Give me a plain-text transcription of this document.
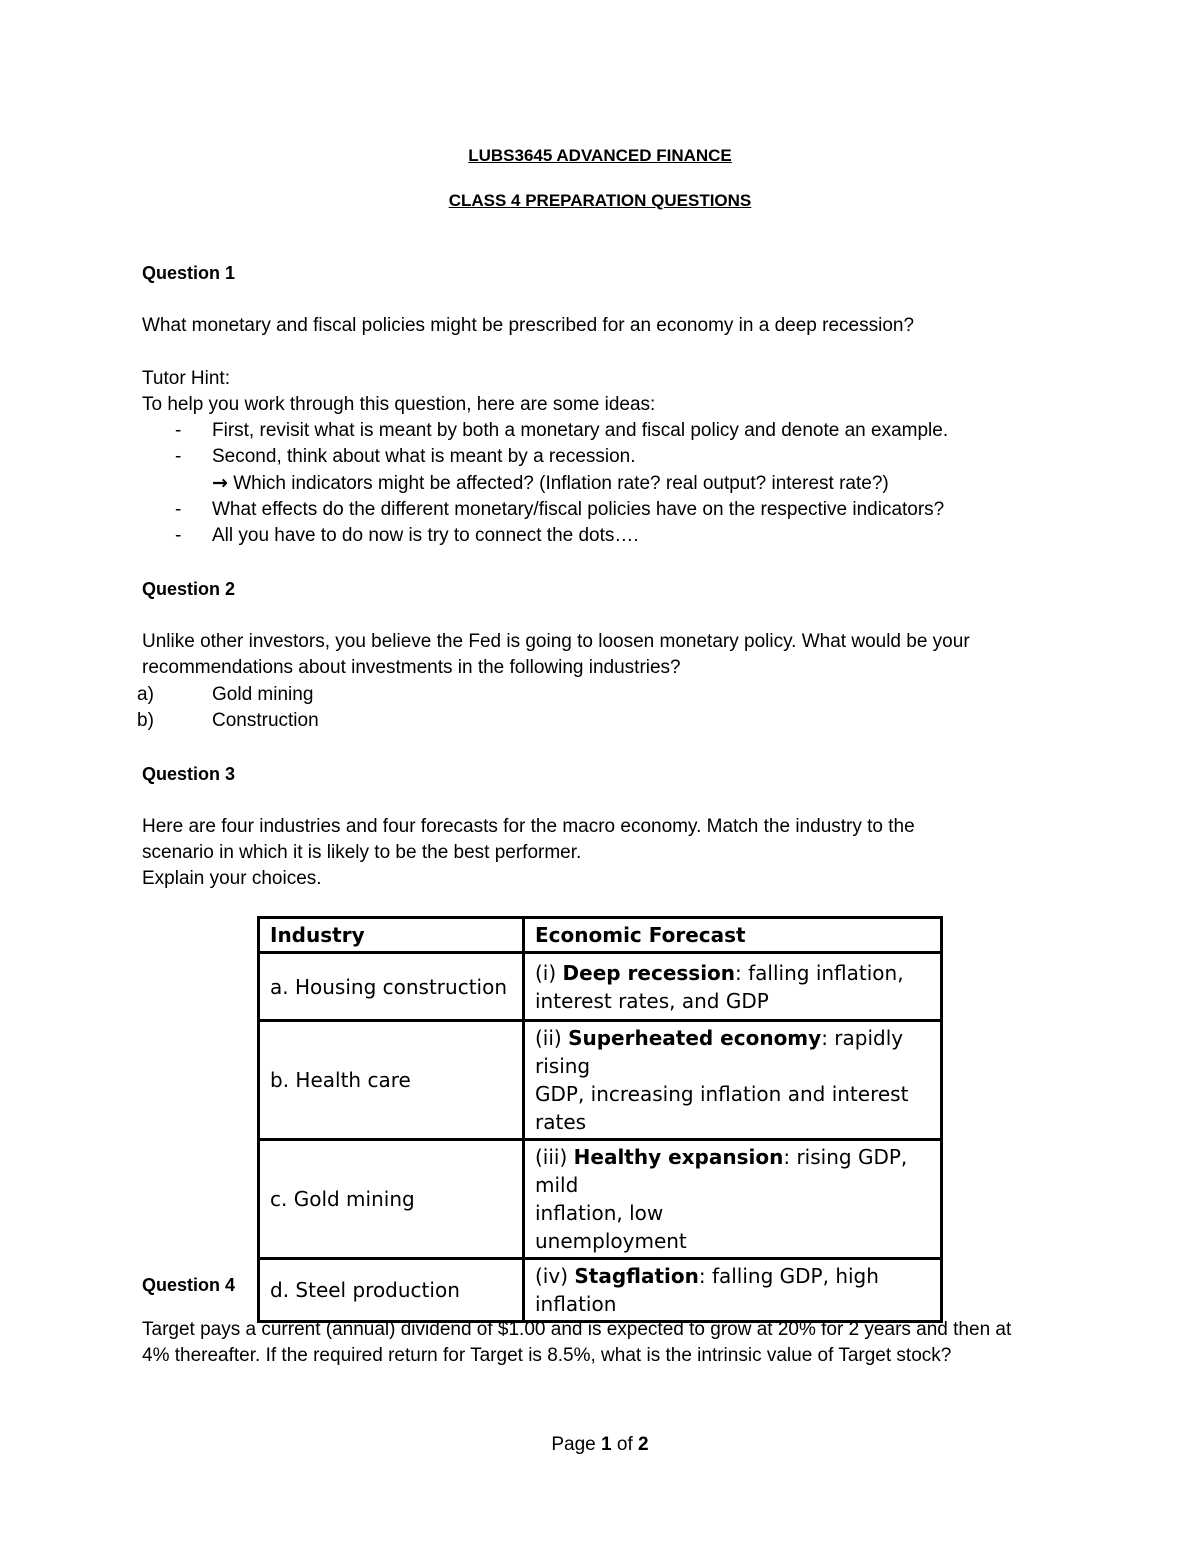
LUBS3645 ADVANCED FINANCE
CLASS 4 PREPARATION QUESTIONS
Question 1
What monetary and fiscal policies might be prescribed for an economy in a deep recession?
Tutor Hint:
To help you work through this question, here are some ideas:
- First, revisit what is meant by both a monetary and fiscal policy and denote an example.
- Second, think about what is meant by a recession.
→ Which indicators might be affected? (Inflation rate? real output? interest rate?)
- What effects do the different monetary/fiscal policies have on the respective indicators?
- All you have to do now is try to connect the dots….
Question 2
Unlike other investors, you believe the Fed is going to loosen monetary policy. What would be your
recommendations about investments in the following industries?
a)	Gold mining
b)	Construction
Question 3
Here are four industries and four forecasts for the macro economy. Match the industry to the
scenario in which it is likely to be the best performer.
Explain your choices.
Industry	Economic Forecast
a. Housing construction	(i) Deep recession: falling inflation,
interest rates, and GDP
b. Health care	(ii) Superheated economy: rapidly rising
GDP, increasing inflation and interest
rates
c. Gold mining	(iii) Healthy expansion: rising GDP, mild
inflation, low
unemployment
d. Steel production	(iv) Stagflation: falling GDP, high inflation
Question 4
Target pays a current (annual) dividend of $1.00 and is expected to grow at 20% for 2 years and then at
4% thereafter. If the required return for Target is 8.5%, what is the intrinsic value of Target stock?
Page 1 of 2
